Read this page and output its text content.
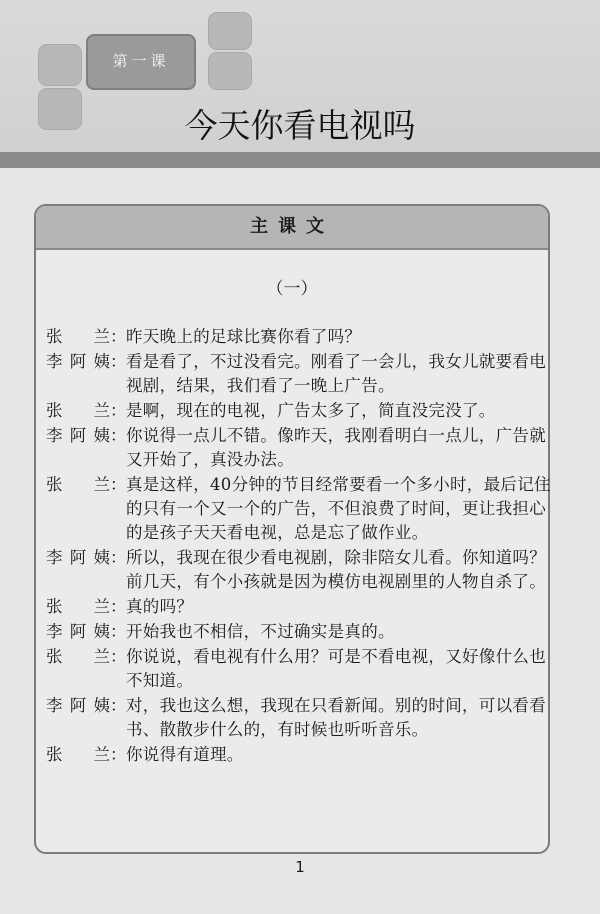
第一课
今天你看电视吗
主课文
（一）
张兰 ： 昨天晚上的足球比赛你看了吗？
李阿姨 ： 看是看了，不过没看完。刚看了一会儿，我女儿就要看电视剧，结果，我们看了一晚上广告。
张兰 ： 是啊，现在的电视，广告太多了，简直没完没了。
李阿姨 ： 你说得一点儿不错。像昨天，我刚看明白一点儿，广告就又开始了，真没办法。
张兰 ： 真是这样，40分钟的节目经常要看一个多小时，最后记住的只有一个又一个的广告，不但浪费了时间，更让我担心的是孩子天天看电视，总是忘了做作业。
李阿姨 ： 所以，我现在很少看电视剧，除非陪女儿看。你知道吗？前几天，有个小孩就是因为模仿电视剧里的人物自杀了。
张兰 ： 真的吗？
李阿姨 ： 开始我也不相信，不过确实是真的。
张兰 ： 你说说，看电视有什么用？可是不看电视，又好像什么也不知道。
李阿姨 ： 对，我也这么想，我现在只看新闻。别的时间，可以看看书、散散步什么的，有时候也听听音乐。
张兰 ： 你说得有道理。
1
